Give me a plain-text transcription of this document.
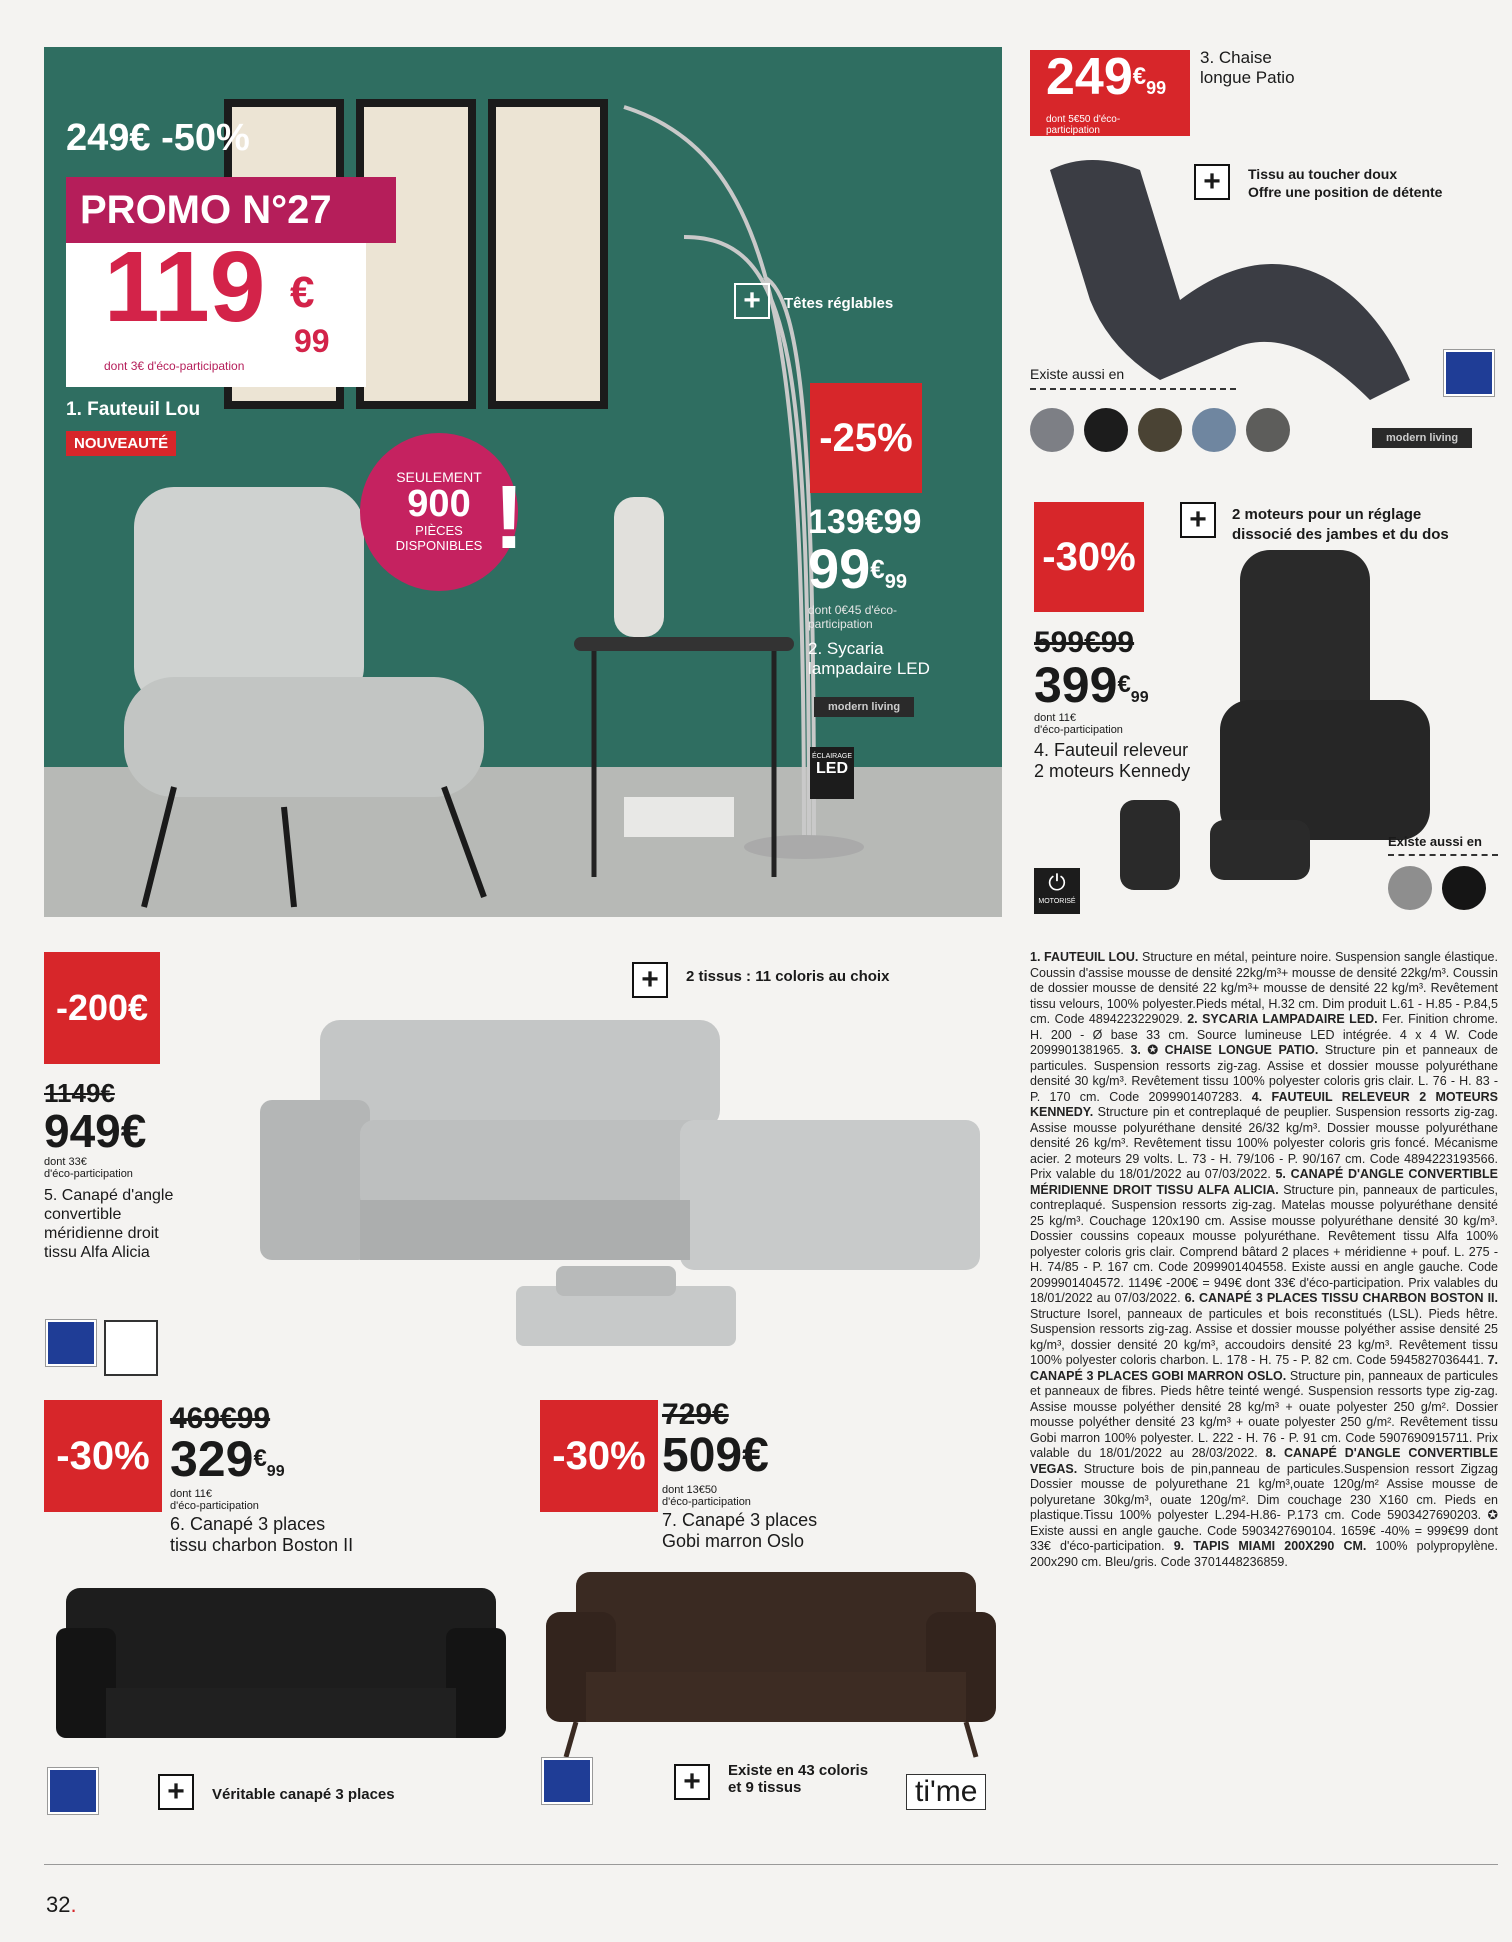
249€ -50%
PROMO N°27
119 €
99
dont 3€ d'éco-participation
1. Fauteuil Lou
NOUVEAUTÉ
SEULEMENT
900
PIÈCES DISPONIBLES !
+	Têtes réglables
-25%
139€99
99€99
dont 0€45 d'éco-participation
2. Sycaria lampadaire LED
modern living
ÉCLAIRAGE
LED
249€99
dont 5€50 d'éco-participation
3. Chaise longue Patio
+	Tissu au toucher doux
Offre une position de détente
Existe aussi en
modern living
-30%
+	2 moteurs pour un réglage
dissocié des jambes et du dos
599€99
399€99
dont 11€
d'éco-participation
4. Fauteuil releveur
2 moteurs Kennedy
Existe aussi en
⏻
MOTORISÉ
-200€
+	2 tissus : 11 coloris au choix
1149€
949€
dont 33€
d'éco-participation
5. Canapé d'angle convertible méridienne droit tissu Alfa Alicia
-30%
469€99
329€99
dont 11€
d'éco-participation
6. Canapé 3 places
tissu charbon Boston II
+	Véritable canapé 3 places
-30%
729€
509€
dont 13€50
d'éco-participation
7. Canapé 3 places
Gobi marron Oslo
+	Existe en 43 coloris
et 9 tissus	ti'me
1. FAUTEUIL LOU. Structure en métal, peinture noire. Suspension sangle élastique. Coussin d'assise mousse de densité 22kg/m³+ mousse de densité 22kg/m³. Coussin de dossier mousse de densité 22 kg/m³+ mousse de densité 22 kg/m³. Revêtement tissu velours, 100% polyester.Pieds métal, H.32 cm. Dim produit L.61 - H.85 - P.84,5 cm. Code 4894223229029. 2. SYCARIA LAMPADAIRE LED. Fer. Finition chrome. H. 200 - Ø base 33 cm. Source lumineuse LED intégrée. 4 x 4 W. Code 2099901381965. 3. ✪ CHAISE LONGUE PATIO. Structure pin et panneaux de particules. Suspension ressorts zig-zag. Assise et dossier mousse polyuréthane densité 30 kg/m³. Revêtement tissu 100% polyester coloris gris clair. L. 76 - H. 83 - P. 170 cm. Code 2099901407283. 4. FAUTEUIL RELEVEUR 2 MOTEURS KENNEDY. Structure pin et contreplaqué de peuplier. Suspension ressorts zig-zag. Assise mousse polyuréthane densité 26/32 kg/m³. Dossier mousse polyuréthane densité 26 kg/m³. Revêtement tissu 100% polyester coloris gris foncé. Mécanisme acier. 2 moteurs 29 volts. L. 73 - H. 79/106 - P. 90/167 cm. Code 4894223193566. Prix valable du 18/01/2022 au 07/03/2022. 5. CANAPÉ D'ANGLE CONVERTIBLE MÉRIDIENNE DROIT TISSU ALFA ALICIA. Structure pin, panneaux de particules, contreplaqué. Suspension ressorts zig-zag. Matelas mousse polyuréthane densité 25 kg/m³. Couchage 120x190 cm. Assise mousse polyuréthane densité 30 kg/m³. Dossier coussins copeaux mousse polyuréthane. Revêtement tissu Alfa 100% polyester coloris gris clair. Comprend bâtard 2 places + méridienne + pouf. L. 275 - H. 74/85 - P. 167 cm. Code 2099901404558. Existe aussi en angle gauche. Code 2099901404572. 1149€ -200€ = 949€ dont 33€ d'éco-participation. Prix valables du 18/01/2022 au 07/03/2022. 6. CANAPÉ 3 PLACES TISSU CHARBON BOSTON II. Structure Isorel, panneaux de particules et bois reconstitués (LSL). Pieds hêtre. Suspension ressorts zig-zag. Assise et dossier mousse polyéther assise densité 25 kg/m³, dossier densité 20 kg/m³, accoudoirs densité 23 kg/m³. Revêtement tissu 100% polyester coloris charbon. L. 178 - H. 75 - P. 82 cm. Code 5945827036441. 7. CANAPÉ 3 PLACES GOBI MARRON OSLO. Structure pin, panneaux de particules et panneaux de fibres. Pieds hêtre teinté wengé. Suspension ressorts type zig-zag. Assise mousse polyéther densité 28 kg/m³ + ouate polyester 250 g/m². Dossier mousse polyéther densité 23 kg/m³ + ouate polyester 250 g/m². Revêtement tissu Gobi marron 100% polyester. L. 222 - H. 76 - P. 91 cm. Code 5907690915711. Prix valable du 18/01/2022 au 28/03/2022. 8. CANAPÉ D'ANGLE CONVERTIBLE VEGAS. Structure bois de pin,panneau de particules.Suspension ressort Zigzag Dossier mousse de polyurethane 21 kg/m³,ouate 120g/m² Assise mousse de polyuretane 30kg/m³, ouate 120g/m². Dim couchage 230 X160 cm. Pieds en plastique.Tissu 100% polyester L.294-H.86- P.173 cm. Code 5903427690203. ✪ Existe aussi en angle gauche. Code 5903427690104. 1659€ -40% = 999€99 dont 33€ d'éco-participation. 9. TAPIS MIAMI 200X290 CM. 100% polypropylène. 200x290 cm. Bleu/gris. Code 3701448236859.
32.
